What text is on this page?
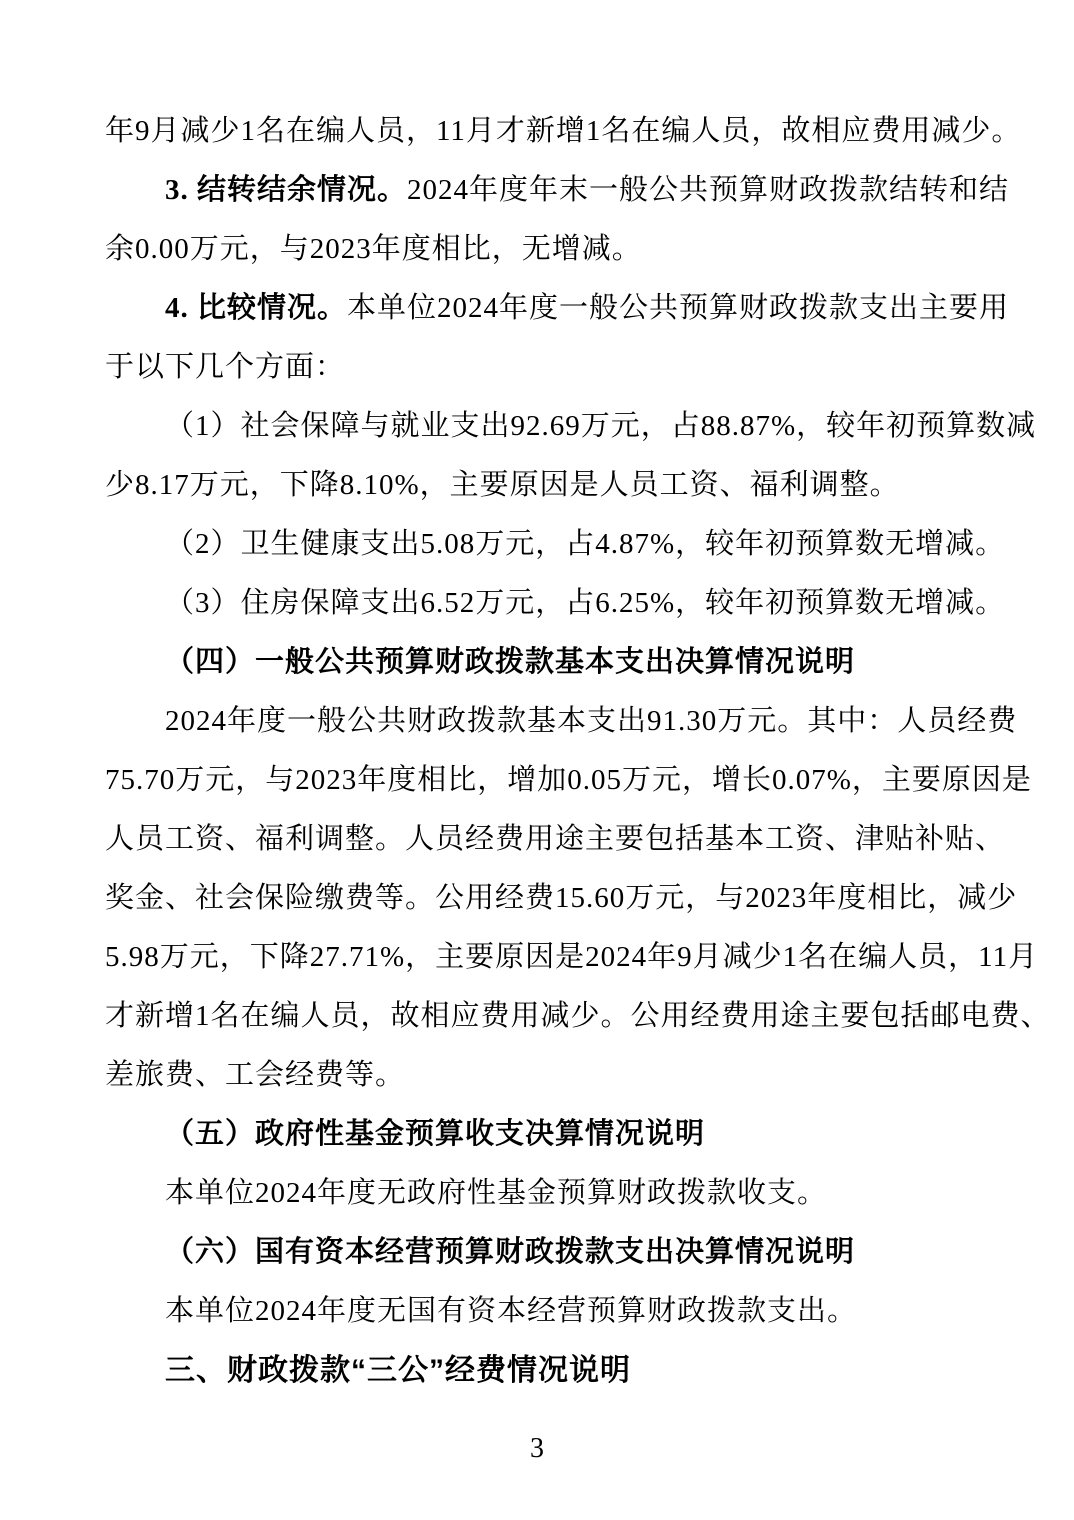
年9月减少1名在编人员，11月才新增1名在编人员，故相应费用减少。
3. 结转结余情况。2024年度年末一般公共预算财政拨款结转和结
余0.00万元，与2023年度相比，无增减。
4. 比较情况。本单位2024年度一般公共预算财政拨款支出主要用
于以下几个方面：
（1）社会保障与就业支出92.69万元，占88.87%，较年初预算数减
少8.17万元，下降8.10%，主要原因是人员工资、福利调整。
（2）卫生健康支出5.08万元，占4.87%，较年初预算数无增减。
（3）住房保障支出6.52万元，占6.25%，较年初预算数无增减。
（四）一般公共预算财政拨款基本支出决算情况说明
2024年度一般公共财政拨款基本支出91.30万元。其中：人员经费
75.70万元，与2023年度相比，增加0.05万元，增长0.07%，主要原因是
人员工资、福利调整。人员经费用途主要包括基本工资、津贴补贴、
奖金、社会保险缴费等。公用经费15.60万元，与2023年度相比，减少
5.98万元，下降27.71%，主要原因是2024年9月减少1名在编人员，11月
才新增1名在编人员，故相应费用减少。公用经费用途主要包括邮电费、
差旅费、工会经费等。
（五）政府性基金预算收支决算情况说明
本单位2024年度无政府性基金预算财政拨款收支。
（六）国有资本经营预算财政拨款支出决算情况说明
本单位2024年度无国有资本经营预算财政拨款支出。
三、财政拨款“三公”经费情况说明
3
